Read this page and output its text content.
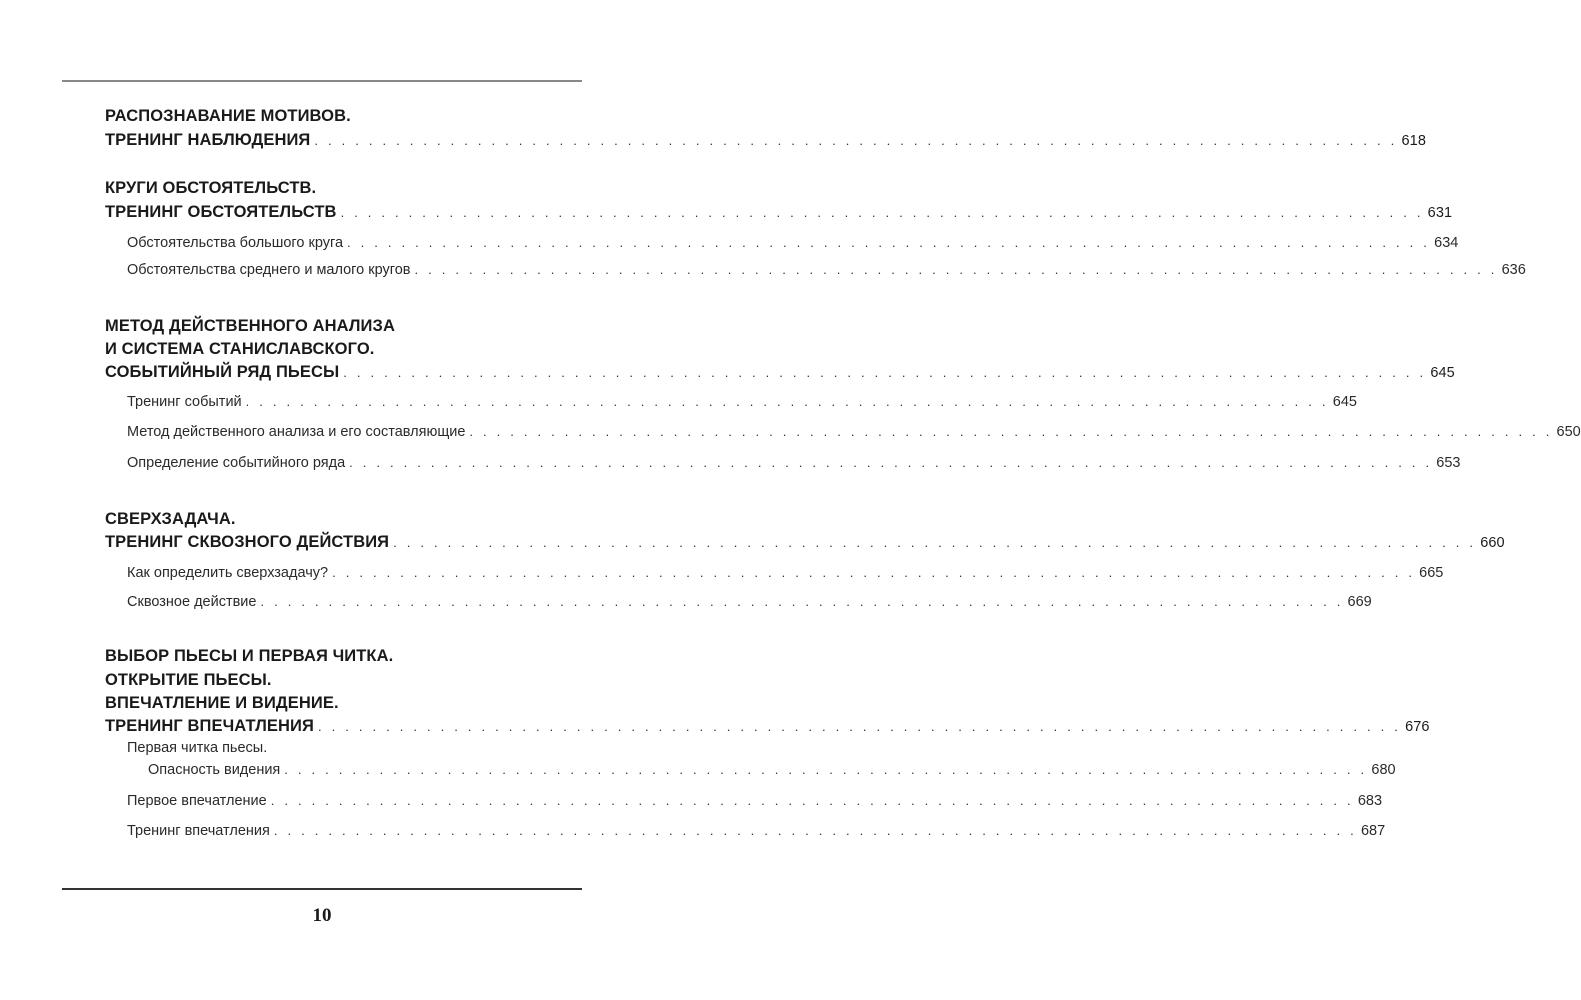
РАСПОЗНАВАНИЕ МОТИВОВ.
ТРЕНИНГ НАБЛЮДЕНИЯ . . . . . . . . . . . . . . . . . . . . . . . . . . . . . . . . . . . . . . . . . . . . . . . . . . . . . . . . . . . . . . . . . . . . . . . . . . . . . . . . 618
КРУГИ ОБСТОЯТЕЛЬСТВ.
ТРЕНИНГ ОБСТОЯТЕЛЬСТВ . . . . . . . . . . . . . . . . . . . . . . . . . . . . . . . . . . . . . . . . . . . . . . . . . . . . . . . . . . . . . . . . . . . . . . . . . . . . . . . . 631
Обстоятельства большого круга . . . . . . . . . . . . . . . . . . . . . . . . . . . . . . . . . . . . . . . . . . . . . . . . . . . . . . . . . . . . . . . . . . . . . . . . . . . . . . . . 634
Обстоятельства среднего и малого кругов . . . . . . . . . . . . . . . . . . . . . . . . . . . . . . . . . . . . . . . . . . . . . . . . . . . . . . . . . . . . . . . . . . . . . . . . . . . . . . . . 636
МЕТОД ДЕЙСТВЕННОГО АНАЛИЗА
И СИСТЕМА СТАНИСЛАВСКОГО.
СОБЫТИЙНЫЙ РЯД ПЬЕСЫ . . . . . . . . . . . . . . . . . . . . . . . . . . . . . . . . . . . . . . . . . . . . . . . . . . . . . . . . . . . . . . . . . . . . . . . . . . . . . . . . 645
Тренинг событий . . . . . . . . . . . . . . . . . . . . . . . . . . . . . . . . . . . . . . . . . . . . . . . . . . . . . . . . . . . . . . . . . . . . . . . . . . . . . . . . 645
Метод действенного анализа и его составляющие . . . . . . . . . . . . . . . . . . . . . . . . . . . . . . . . . . . . . . . . . . . . . . . . . . . . . . . . . . . . . . . . . . . . . . . . . . . . . . . . 650
Определение событийного ряда . . . . . . . . . . . . . . . . . . . . . . . . . . . . . . . . . . . . . . . . . . . . . . . . . . . . . . . . . . . . . . . . . . . . . . . . . . . . . . . . 653
СВЕРХЗАДАЧА.
ТРЕНИНГ СКВОЗНОГО ДЕЙСТВИЯ . . . . . . . . . . . . . . . . . . . . . . . . . . . . . . . . . . . . . . . . . . . . . . . . . . . . . . . . . . . . . . . . . . . . . . . . . . . . . . . . 660
Как определить сверхзадачу? . . . . . . . . . . . . . . . . . . . . . . . . . . . . . . . . . . . . . . . . . . . . . . . . . . . . . . . . . . . . . . . . . . . . . . . . . . . . . . . . 665
Сквозное действие . . . . . . . . . . . . . . . . . . . . . . . . . . . . . . . . . . . . . . . . . . . . . . . . . . . . . . . . . . . . . . . . . . . . . . . . . . . . . . . . 669
ВЫБОР ПЬЕСЫ И ПЕРВАЯ ЧИТКА.
ОТКРЫТИЕ ПЬЕСЫ.
ВПЕЧАТЛЕНИЕ И ВИДЕНИЕ.
ТРЕНИНГ ВПЕЧАТЛЕНИЯ . . . . . . . . . . . . . . . . . . . . . . . . . . . . . . . . . . . . . . . . . . . . . . . . . . . . . . . . . . . . . . . . . . . . . . . . . . . . . . . . 676
Первая читка пьесы.
Опасность видения . . . . . . . . . . . . . . . . . . . . . . . . . . . . . . . . . . . . . . . . . . . . . . . . . . . . . . . . . . . . . . . . . . . . . . . . . . . . . . . . 680
Первое впечатление . . . . . . . . . . . . . . . . . . . . . . . . . . . . . . . . . . . . . . . . . . . . . . . . . . . . . . . . . . . . . . . . . . . . . . . . . . . . . . . . 683
Тренинг впечатления . . . . . . . . . . . . . . . . . . . . . . . . . . . . . . . . . . . . . . . . . . . . . . . . . . . . . . . . . . . . . . . . . . . . . . . . . . . . . . . . 687
10
